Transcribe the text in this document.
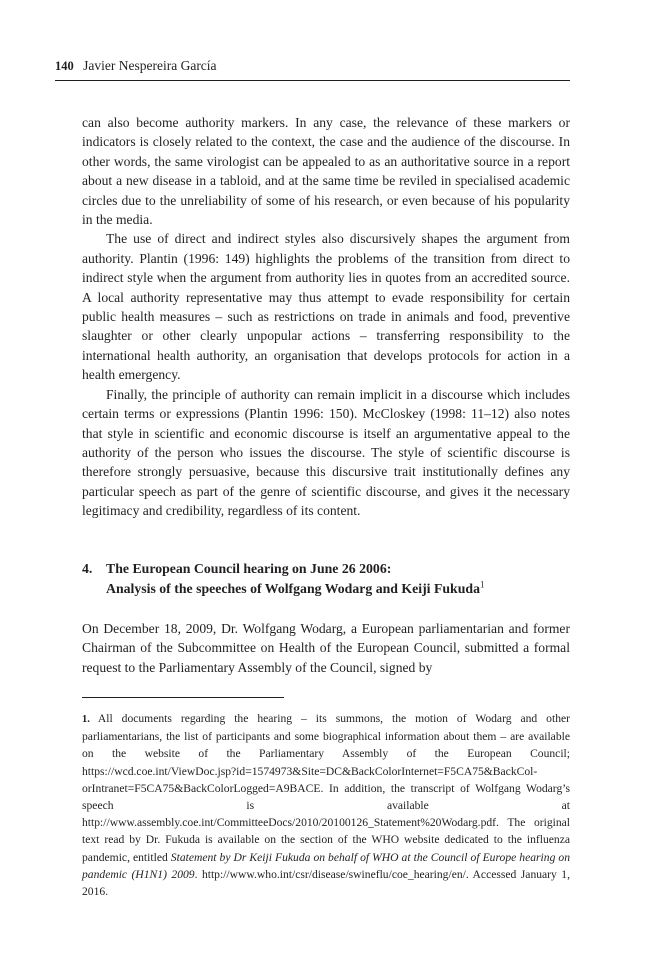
140 Javier Nespereira García

can also become authority markers. In any case, the relevance of these markers or indicators is closely related to the context, the case and the audience of the discourse. In other words, the same virologist can be appealed to as an authoritative source in a report about a new disease in a tabloid, and at the same time be reviled in specialised academic circles due to the unreliability of some of his research, or even because of his popularity in the media.

The use of direct and indirect styles also discursively shapes the argument from authority. Plantin (1996: 149) highlights the problems of the transition from direct to indirect style when the argument from authority lies in quotes from an accredited source. A local authority representative may thus attempt to evade responsibility for certain public health measures – such as restrictions on trade in animals and food, preventive slaughter or other clearly unpopular actions – transferring responsibility to the international health authority, an organisation that develops protocols for action in a health emergency.

Finally, the principle of authority can remain implicit in a discourse which includes certain terms or expressions (Plantin 1996: 150). McCloskey (1998: 11–12) also notes that style in scientific and economic discourse is itself an argumentative appeal to the authority of the person who issues the discourse. The style of scientific discourse is therefore strongly persuasive, because this discursive trait institutionally defines any particular speech as part of the genre of scientific discourse, and gives it the necessary legitimacy and credibility, regardless of its content.

4. The European Council hearing on June 26 2006:
Analysis of the speeches of Wolfgang Wodarg and Keiji Fukuda$^1$

On December 18, 2009, Dr. Wolfgang Wodarg, a European parliamentarian and former Chairman of the Subcommittee on Health of the European Council, submitted a formal request to the Parliamentary Assembly of the Council, signed by

1. All documents regarding the hearing – its summons, the motion of Wodarg and other parliamentarians, the list of participants and some biographical information about them – are available on the website of the Parliamentary Assembly of the European Council; https://wcd.coe.int/ViewDoc.jsp?id=1574973&Site=DC&BackColorInternet=F5CA75&BackColorIntranet=F5CA75&BackColorLogged=A9BACE. In addition, the transcript of Wolfgang Wodarg’s speech is available at http://www.assembly.coe.int/CommitteeDocs/2010/20100126_Statement%20Wodarg.pdf. The original text read by Dr. Fukuda is available on the section of the WHO website dedicated to the influenza pandemic, entitled Statement by Dr Keiji Fukuda on behalf of WHO at the Council of Europe hearing on pandemic (H1N1) 2009. http://www.who.int/csr/disease/swineflu/coe_hearing/en/. Accessed January 1, 2016.
